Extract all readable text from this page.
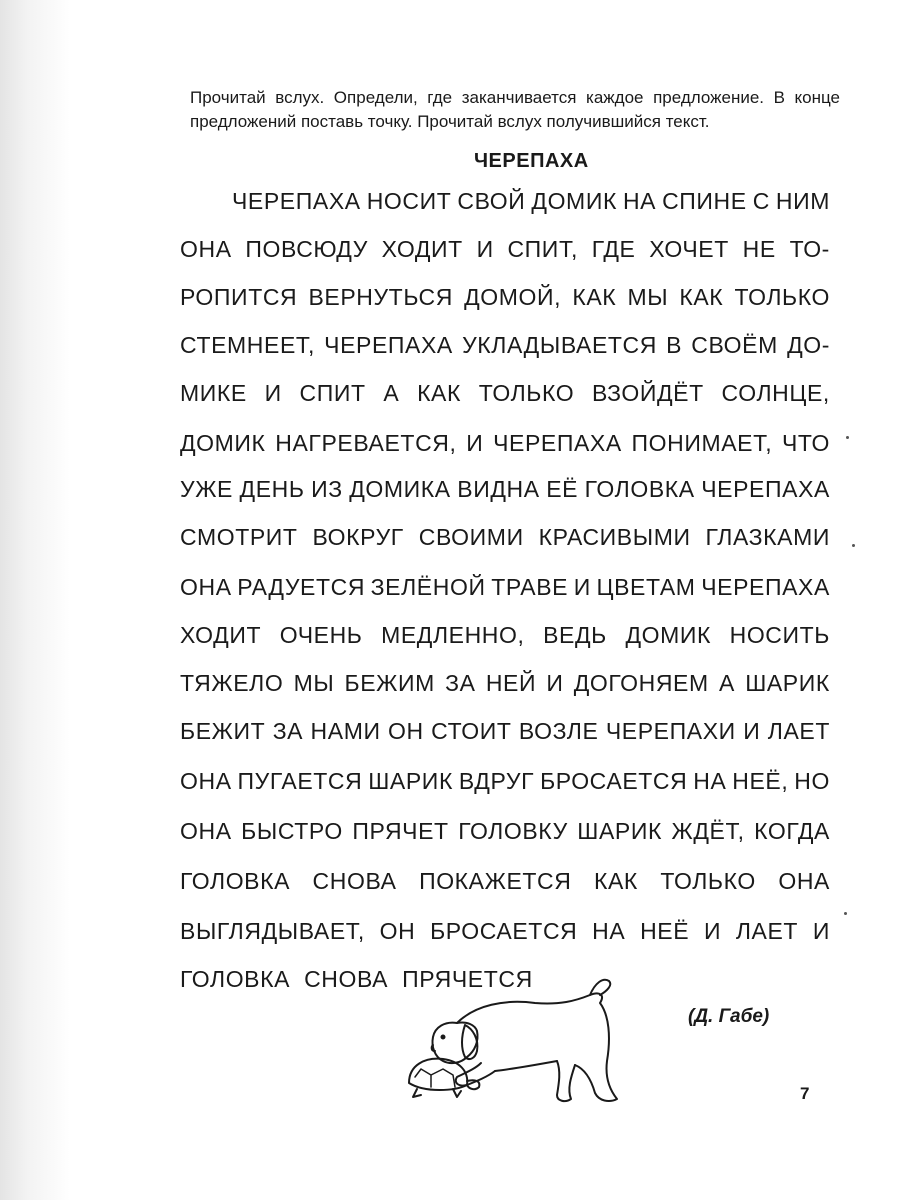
Прочитай вслух. Определи, где заканчивается каждое предложение. В конце предложений поставь точку. Прочитай вслух получившийся текст.
ЧЕРЕПАХА
ЧЕРЕПАХА НОСИТ СВОЙ ДОМИК НА СПИНЕ С НИМ
ОНА ПОВСЮДУ ХОДИТ И СПИТ, ГДЕ ХОЧЕТ НЕ ТО-
РОПИТСЯ ВЕРНУТЬСЯ ДОМОЙ, КАК МЫ КАК ТОЛЬКО
СТЕМНЕЕТ, ЧЕРЕПАХА УКЛАДЫВАЕТСЯ В СВОЁМ ДО-
МИКЕ И СПИТ А КАК ТОЛЬКО ВЗОЙДЁТ СОЛНЦЕ,
ДОМИК НАГРЕВАЕТСЯ, И ЧЕРЕПАХА ПОНИМАЕТ, ЧТО
УЖЕ ДЕНЬ ИЗ ДОМИКА ВИДНА ЕЁ ГОЛОВКА ЧЕРЕПАХА
СМОТРИТ ВОКРУГ СВОИМИ КРАСИВЫМИ ГЛАЗКАМИ
ОНА РАДУЕТСЯ ЗЕЛЁНОЙ ТРАВЕ И ЦВЕТАМ ЧЕРЕПАХА
ХОДИТ ОЧЕНЬ МЕДЛЕННО, ВЕДЬ ДОМИК НОСИТЬ
ТЯЖЕЛО МЫ БЕЖИМ ЗА НЕЙ И ДОГОНЯЕМ А ШАРИК
БЕЖИТ ЗА НАМИ ОН СТОИТ ВОЗЛЕ ЧЕРЕПАХИ И ЛАЕТ
ОНА ПУГАЕТСЯ ШАРИК ВДРУГ БРОСАЕТСЯ НА НЕЁ, НО
ОНА БЫСТРО ПРЯЧЕТ ГОЛОВКУ ШАРИК ЖДЁТ, КОГДА
ГОЛОВКА СНОВА ПОКАЖЕТСЯ КАК ТОЛЬКО ОНА
ВЫГЛЯДЫВАЕТ, ОН БРОСАЕТСЯ НА НЕЁ И ЛАЕТ И
ГОЛОВКА СНОВА ПРЯЧЕТСЯ
(Д. Габе)
7
